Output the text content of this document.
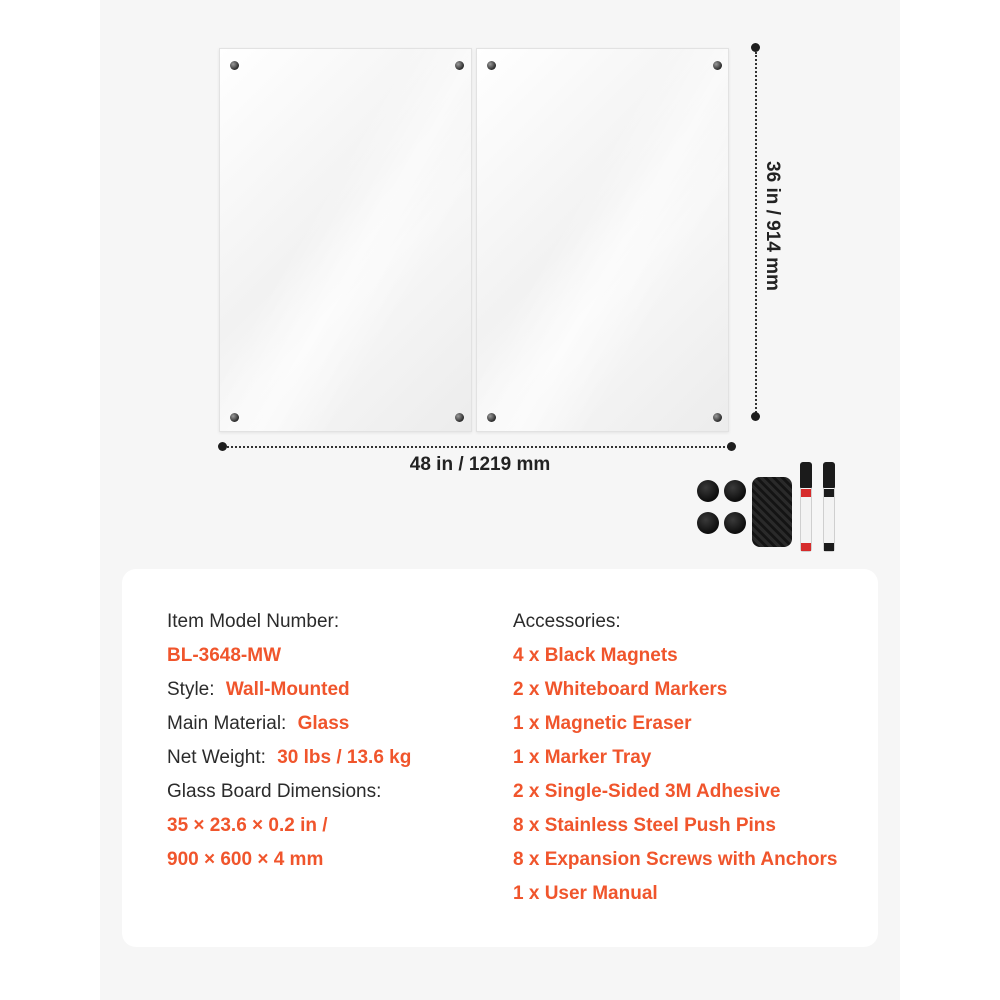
48 in / 1219 mm
36 in / 914 mm
Item Model Number:
BL-3648-MW
Style: Wall-Mounted
Main Material: Glass
Net Weight: 30 lbs / 13.6 kg
Glass Board Dimensions:
35 × 23.6 × 0.2 in /
900 × 600 × 4 mm
Accessories:
4 x Black Magnets
2 x Whiteboard Markers
1 x Magnetic Eraser
1 x Marker Tray
2 x Single-Sided 3M Adhesive
8 x Stainless Steel Push Pins
8 x Expansion Screws with Anchors
1 x User Manual
